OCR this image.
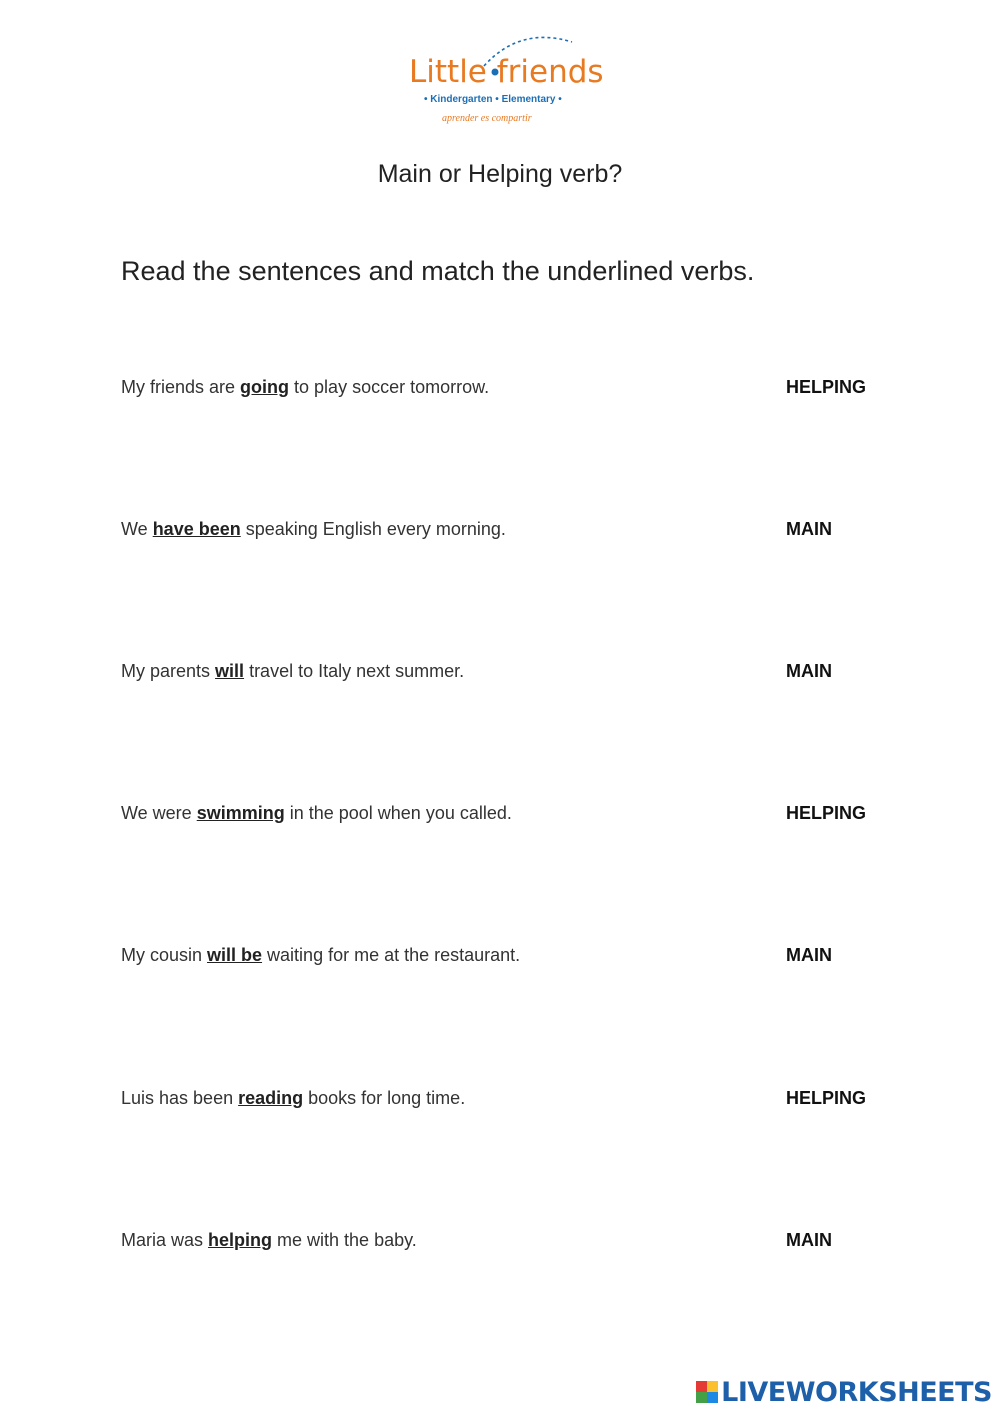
Little friends
• Kindergarten • Elementary •
aprender es compartir
Main or Helping verb?
Read the sentences and match the underlined verbs.
My friends are going to play soccer tomorrow.	HELPING
We have been speaking English every morning.	MAIN
My parents will travel to Italy next summer.	MAIN
We were swimming in the pool when you called.	HELPING
My cousin will be waiting for me at the restaurant.	MAIN
Luis has been reading books for long time.	HELPING
Maria was helping me with the baby.	MAIN
LIVEWORKSHEETS
